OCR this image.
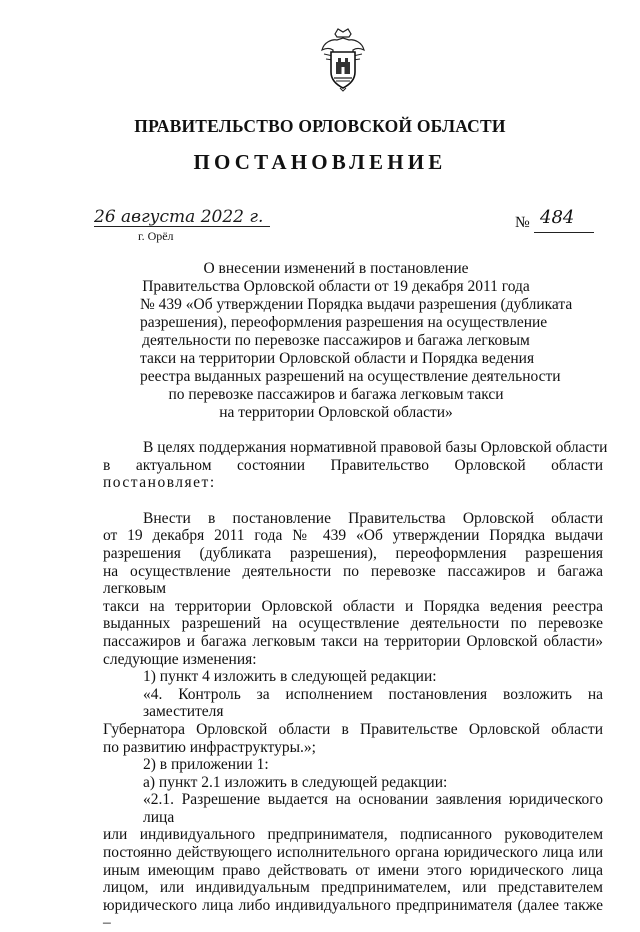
ПРАВИТЕЛЬСТВО ОРЛОВСКОЙ ОБЛАСТИ
ПОСТАНОВЛЕНИЕ
26 августа 2022 г.
г. Орёл
№ 484
О внесении изменений в постановление
Правительства Орловской области от 19 декабря 2011 года
№ 439 «Об утверждении Порядка выдачи разрешения (дубликата
разрешения), переоформления разрешения на осуществление
деятельности по перевозке пассажиров и багажа легковым
такси на территории Орловской области и Порядка ведения
реестра выданных разрешений на осуществление деятельности
по перевозке пассажиров и багажа легковым такси
на территории Орловской области»
В целях поддержания нормативной правовой базы Орловской области
в актуальном состоянии Правительство Орловской области
постановляет:
Внести в постановление Правительства Орловской области
от 19 декабря 2011 года № 439 «Об утверждении Порядка выдачи
разрешения (дубликата разрешения), переоформления разрешения
на осуществление деятельности по перевозке пассажиров и багажа легковым
такси на территории Орловской области и Порядка ведения реестра
выданных разрешений на осуществление деятельности по перевозке
пассажиров и багажа легковым такси на территории Орловской области»
следующие изменения:
1) пункт 4 изложить в следующей редакции:
«4. Контроль за исполнением постановления возложить на заместителя
Губернатора Орловской области в Правительстве Орловской области
по развитию инфраструктуры.»;
2) в приложении 1:
а) пункт 2.1 изложить в следующей редакции:
«2.1. Разрешение выдается на основании заявления юридического лица
или индивидуального предпринимателя, подписанного руководителем
постоянно действующего исполнительного органа юридического лица или
иным имеющим право действовать от имени этого юридического лица
лицом, или индивидуальным предпринимателем, или представителем
юридического лица либо индивидуального предпринимателя (далее также –
